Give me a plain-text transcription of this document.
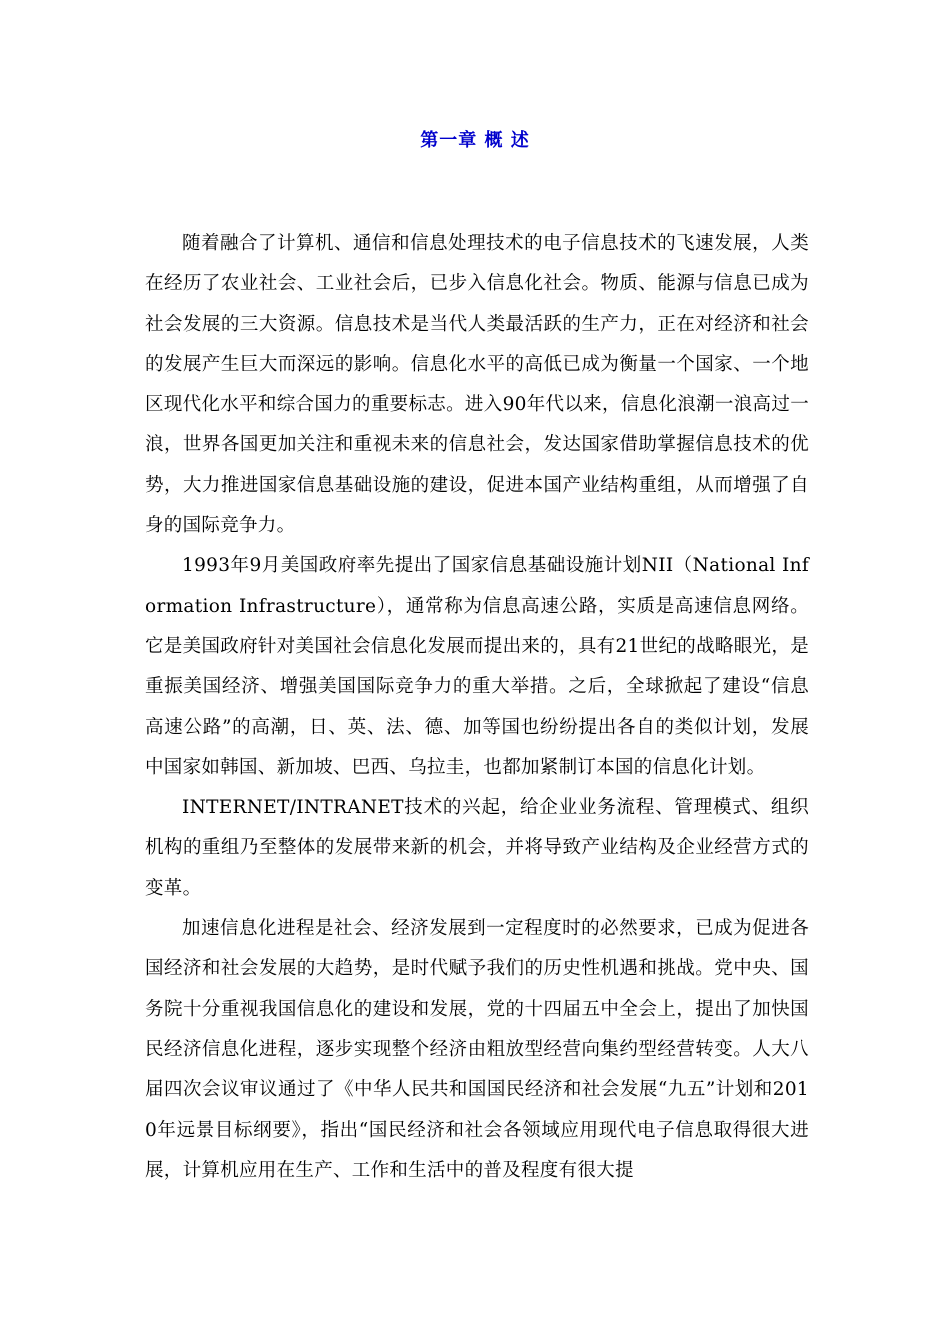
第一章 概 述

随着融合了计算机、通信和信息处理技术的电子信息技术的飞速发展，人类在经历了农业社会、工业社会后，已步入信息化社会。物质、能源与信息已成为社会发展的三大资源。信息技术是当代人类最活跃的生产力，正在对经济和社会的发展产生巨大而深远的影响。信息化水平的高低已成为衡量一个国家、一个地区现代化水平和综合国力的重要标志。进入90年代以来，信息化浪潮一浪高过一浪，世界各国更加关注和重视未来的信息社会，发达国家借助掌握信息技术的优势，大力推进国家信息基础设施的建设，促进本国产业结构重组，从而增强了自身的国际竞争力。

1993年9月美国政府率先提出了国家信息基础设施计划NII（National Information Infrastructure），通常称为信息高速公路，实质是高速信息网络。它是美国政府针对美国社会信息化发展而提出来的，具有21世纪的战略眼光，是重振美国经济、增强美国国际竞争力的重大举措。之后，全球掀起了建设“信息高速公路”的高潮，日、英、法、德、加等国也纷纷提出各自的类似计划，发展中国家如韩国、新加坡、巴西、乌拉圭，也都加紧制订本国的信息化计划。

INTERNET/INTRANET技术的兴起，给企业业务流程、管理模式、组织机构的重组乃至整体的发展带来新的机会，并将导致产业结构及企业经营方式的变革。

加速信息化进程是社会、经济发展到一定程度时的必然要求，已成为促进各国经济和社会发展的大趋势，是时代赋予我们的历史性机遇和挑战。党中央、国务院十分重视我国信息化的建设和发展，党的十四届五中全会上，提出了加快国民经济信息化进程，逐步实现整个经济由粗放型经营向集约型经营转变。人大八届四次会议审议通过了《中华人民共和国国民经济和社会发展“九五”计划和2010年远景目标纲要》，指出“国民经济和社会各领域应用现代电子信息取得很大进展，计算机应用在生产、工作和生活中的普及程度有很大提
